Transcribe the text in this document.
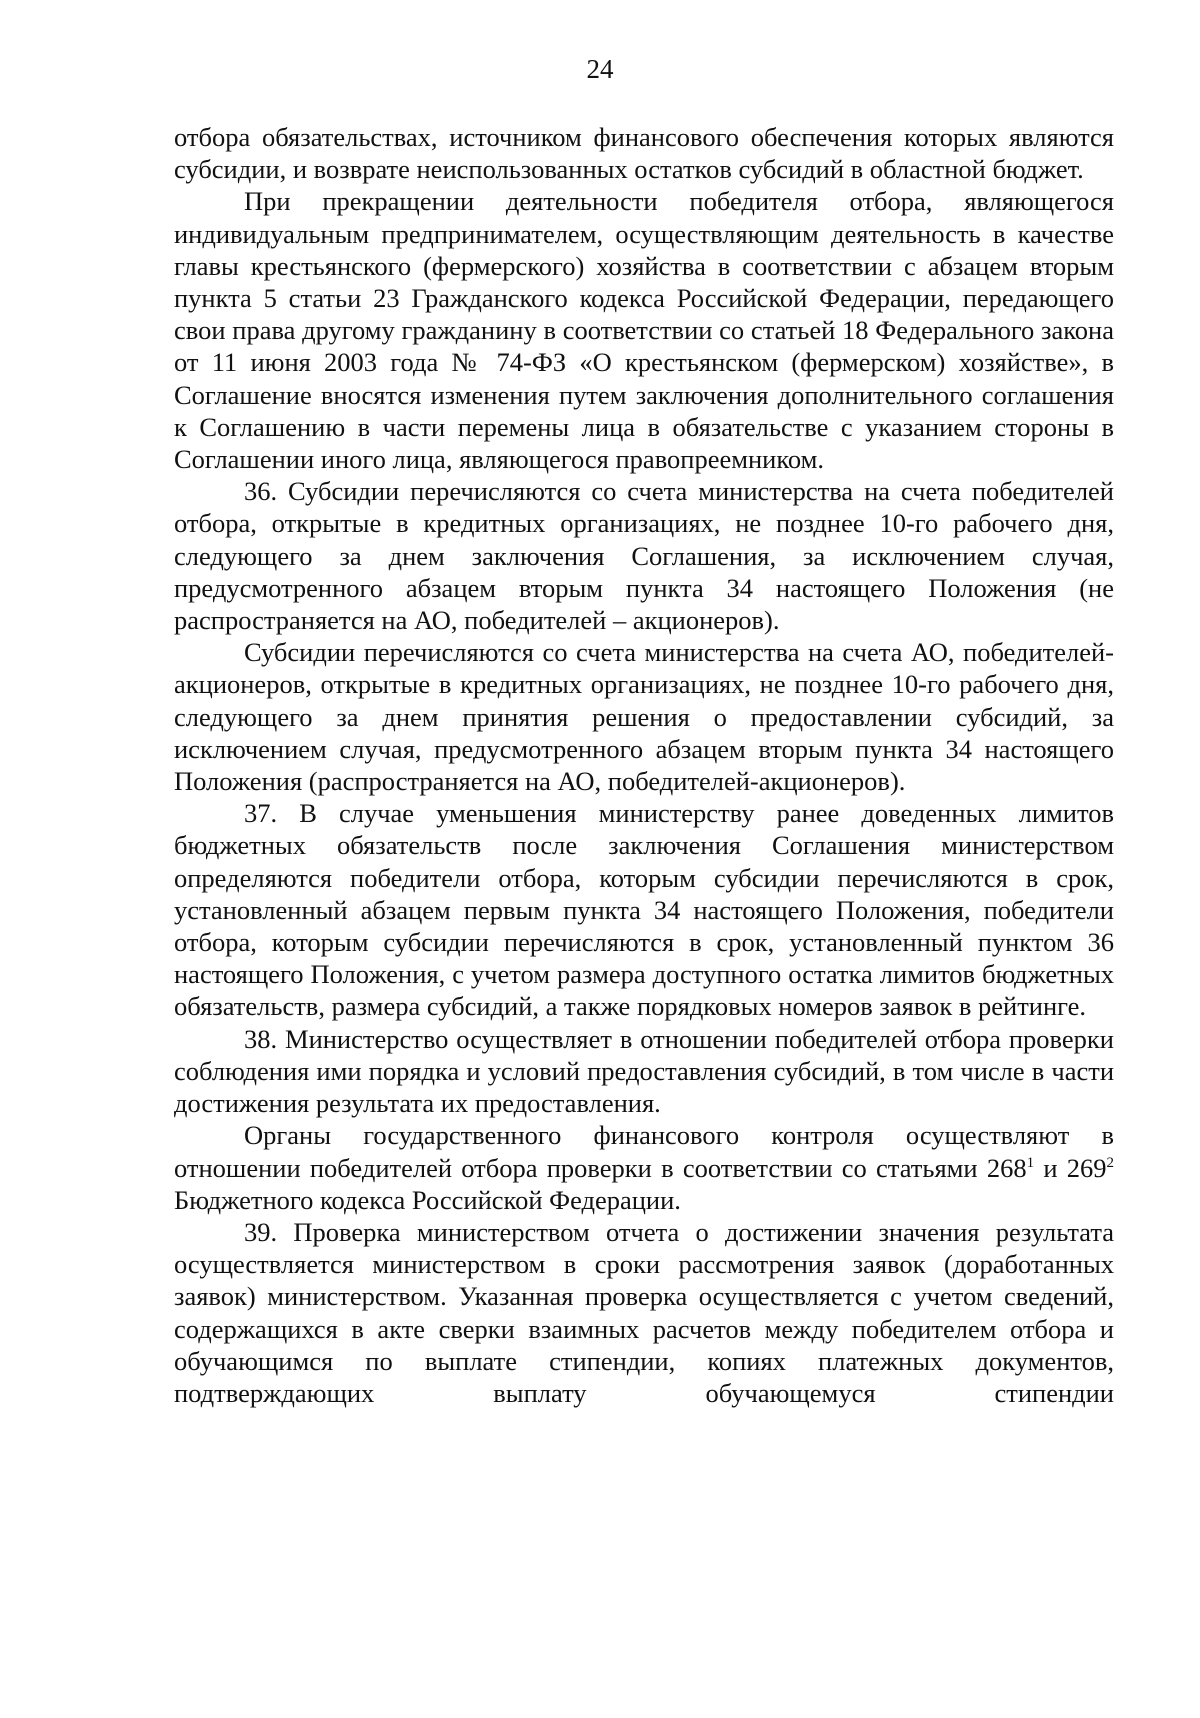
24

отбора обязательствах, источником финансового обеспечения которых являются субсидии, и возврате неиспользованных остатков субсидий в областной бюджет.

При прекращении деятельности победителя отбора, являющегося индивидуальным предпринимателем, осуществляющим деятельность в качестве главы крестьянского (фермерского) хозяйства в соответствии с абзацем вторым пункта 5 статьи 23 Гражданского кодекса Российской Федерации, передающего свои права другому гражданину в соответствии со статьей 18 Федерального закона от 11 июня 2003 года № 74-ФЗ «О крестьянском (фермерском) хозяйстве», в Соглашение вносятся изменения путем заключения дополнительного соглашения к Соглашению в части перемены лица в обязательстве с указанием стороны в Соглашении иного лица, являющегося правопреемником.

36. Субсидии перечисляются со счета министерства на счета победителей отбора, открытые в кредитных организациях, не позднее 10-го рабочего дня, следующего за днем заключения Соглашения, за исключением случая, предусмотренного абзацем вторым пункта 34 настоящего Положения (не распространяется на АО, победителей – акционеров).

Субсидии перечисляются со счета министерства на счета АО, победителей-акционеров, открытые в кредитных организациях, не позднее 10-го рабочего дня, следующего за днем принятия решения о предоставлении субсидий, за исключением случая, предусмотренного абзацем вторым пункта 34 настоящего Положения (распространяется на АО, победителей-акционеров).

37. В случае уменьшения министерству ранее доведенных лимитов бюджетных обязательств после заключения Соглашения министерством определяются победители отбора, которым субсидии перечисляются в срок, установленный абзацем первым пункта 34 настоящего Положения, победители отбора, которым субсидии перечисляются в срок, установленный пунктом 36 настоящего Положения, с учетом размера доступного остатка лимитов бюджетных обязательств, размера субсидий, а также порядковых номеров заявок в рейтинге.

38. Министерство осуществляет в отношении победителей отбора проверки соблюдения ими порядка и условий предоставления субсидий, в том числе в части достижения результата их предоставления.

Органы государственного финансового контроля осуществляют в отношении победителей отбора проверки в соответствии со статьями $268^1$ и $269^2$ Бюджетного кодекса Российской Федерации.

39. Проверка министерством отчета о достижении значения результата осуществляется министерством в сроки рассмотрения заявок (доработанных заявок) министерством. Указанная проверка осуществляется с учетом сведений, содержащихся в акте сверки взаимных расчетов между победителем отбора и обучающимся по выплате стипендии, копиях платежных документов, подтверждающих выплату обучающемуся стипендии
